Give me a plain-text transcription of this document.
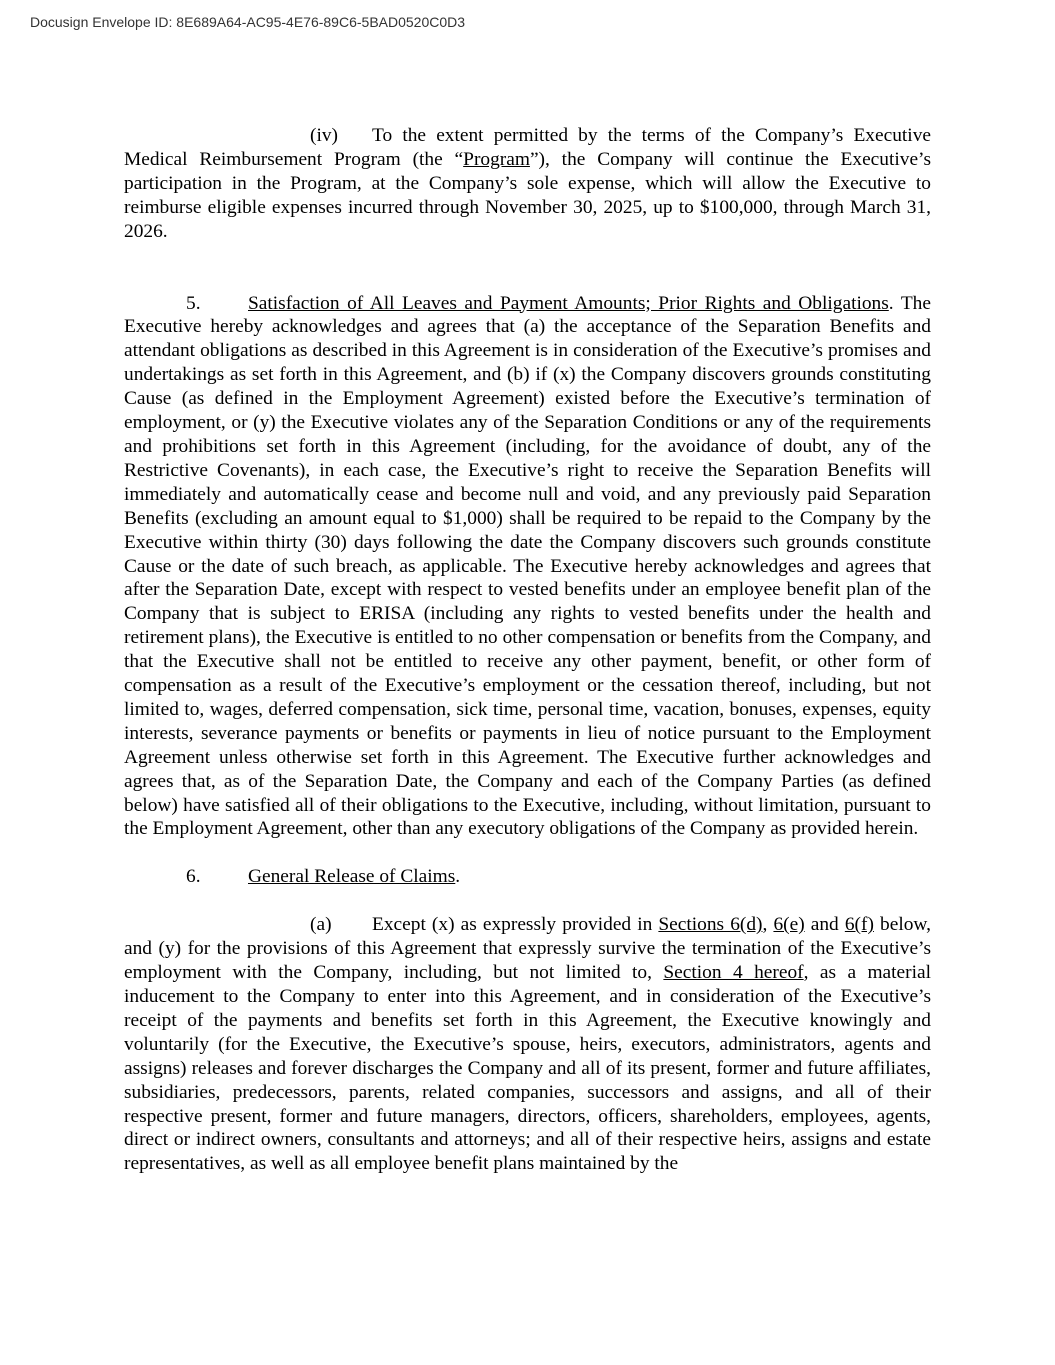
Docusign Envelope ID: 8E689A64-AC95-4E76-89C6-5BAD0520C0D3

(iv) To the extent permitted by the terms of the Company’s Executive Medical Reimbursement Program (the “Program”), the Company will continue the Executive’s participation in the Program, at the Company’s sole expense, which will allow the Executive to reimburse eligible expenses incurred through November 30, 2025, up to $100,000, through March 31, 2026.

5. Satisfaction of All Leaves and Payment Amounts; Prior Rights and Obligations. The Executive hereby acknowledges and agrees that (a) the acceptance of the Separation Benefits and attendant obligations as described in this Agreement is in consideration of the Executive’s promises and undertakings as set forth in this Agreement, and (b) if (x) the Company discovers grounds constituting Cause (as defined in the Employment Agreement) existed before the Executive’s termination of employment, or (y) the Executive violates any of the Separation Conditions or any of the requirements and prohibitions set forth in this Agreement (including, for the avoidance of doubt, any of the Restrictive Covenants), in each case, the Executive’s right to receive the Separation Benefits will immediately and automatically cease and become null and void, and any previously paid Separation Benefits (excluding an amount equal to $1,000) shall be required to be repaid to the Company by the Executive within thirty (30) days following the date the Company discovers such grounds constitute Cause or the date of such breach, as applicable. The Executive hereby acknowledges and agrees that after the Separation Date, except with respect to vested benefits under an employee benefit plan of the Company that is subject to ERISA (including any rights to vested benefits under the health and retirement plans), the Executive is entitled to no other compensation or benefits from the Company, and that the Executive shall not be entitled to receive any other payment, benefit, or other form of compensation as a result of the Executive’s employment or the cessation thereof, including, but not limited to, wages, deferred compensation, sick time, personal time, vacation, bonuses, expenses, equity interests, severance payments or benefits or payments in lieu of notice pursuant to the Employment Agreement unless otherwise set forth in this Agreement. The Executive further acknowledges and agrees that, as of the Separation Date, the Company and each of the Company Parties (as defined below) have satisfied all of their obligations to the Executive, including, without limitation, pursuant to the Employment Agreement, other than any executory obligations of the Company as provided herein.

6. General Release of Claims.

(a) Except (x) as expressly provided in Sections 6(d), 6(e) and 6(f) below, and (y) for the provisions of this Agreement that expressly survive the termination of the Executive’s employment with the Company, including, but not limited to, Section 4 hereof, as a material inducement to the Company to enter into this Agreement, and in consideration of the Executive’s receipt of the payments and benefits set forth in this Agreement, the Executive knowingly and voluntarily (for the Executive, the Executive’s spouse, heirs, executors, administrators, agents and assigns) releases and forever discharges the Company and all of its present, former and future affiliates, subsidiaries, predecessors, parents, related companies, successors and assigns, and all of their respective present, former and future managers, directors, officers, shareholders, employees, agents, direct or indirect owners, consultants and attorneys; and all of their respective heirs, assigns and estate representatives, as well as all employee benefit plans maintained by the
